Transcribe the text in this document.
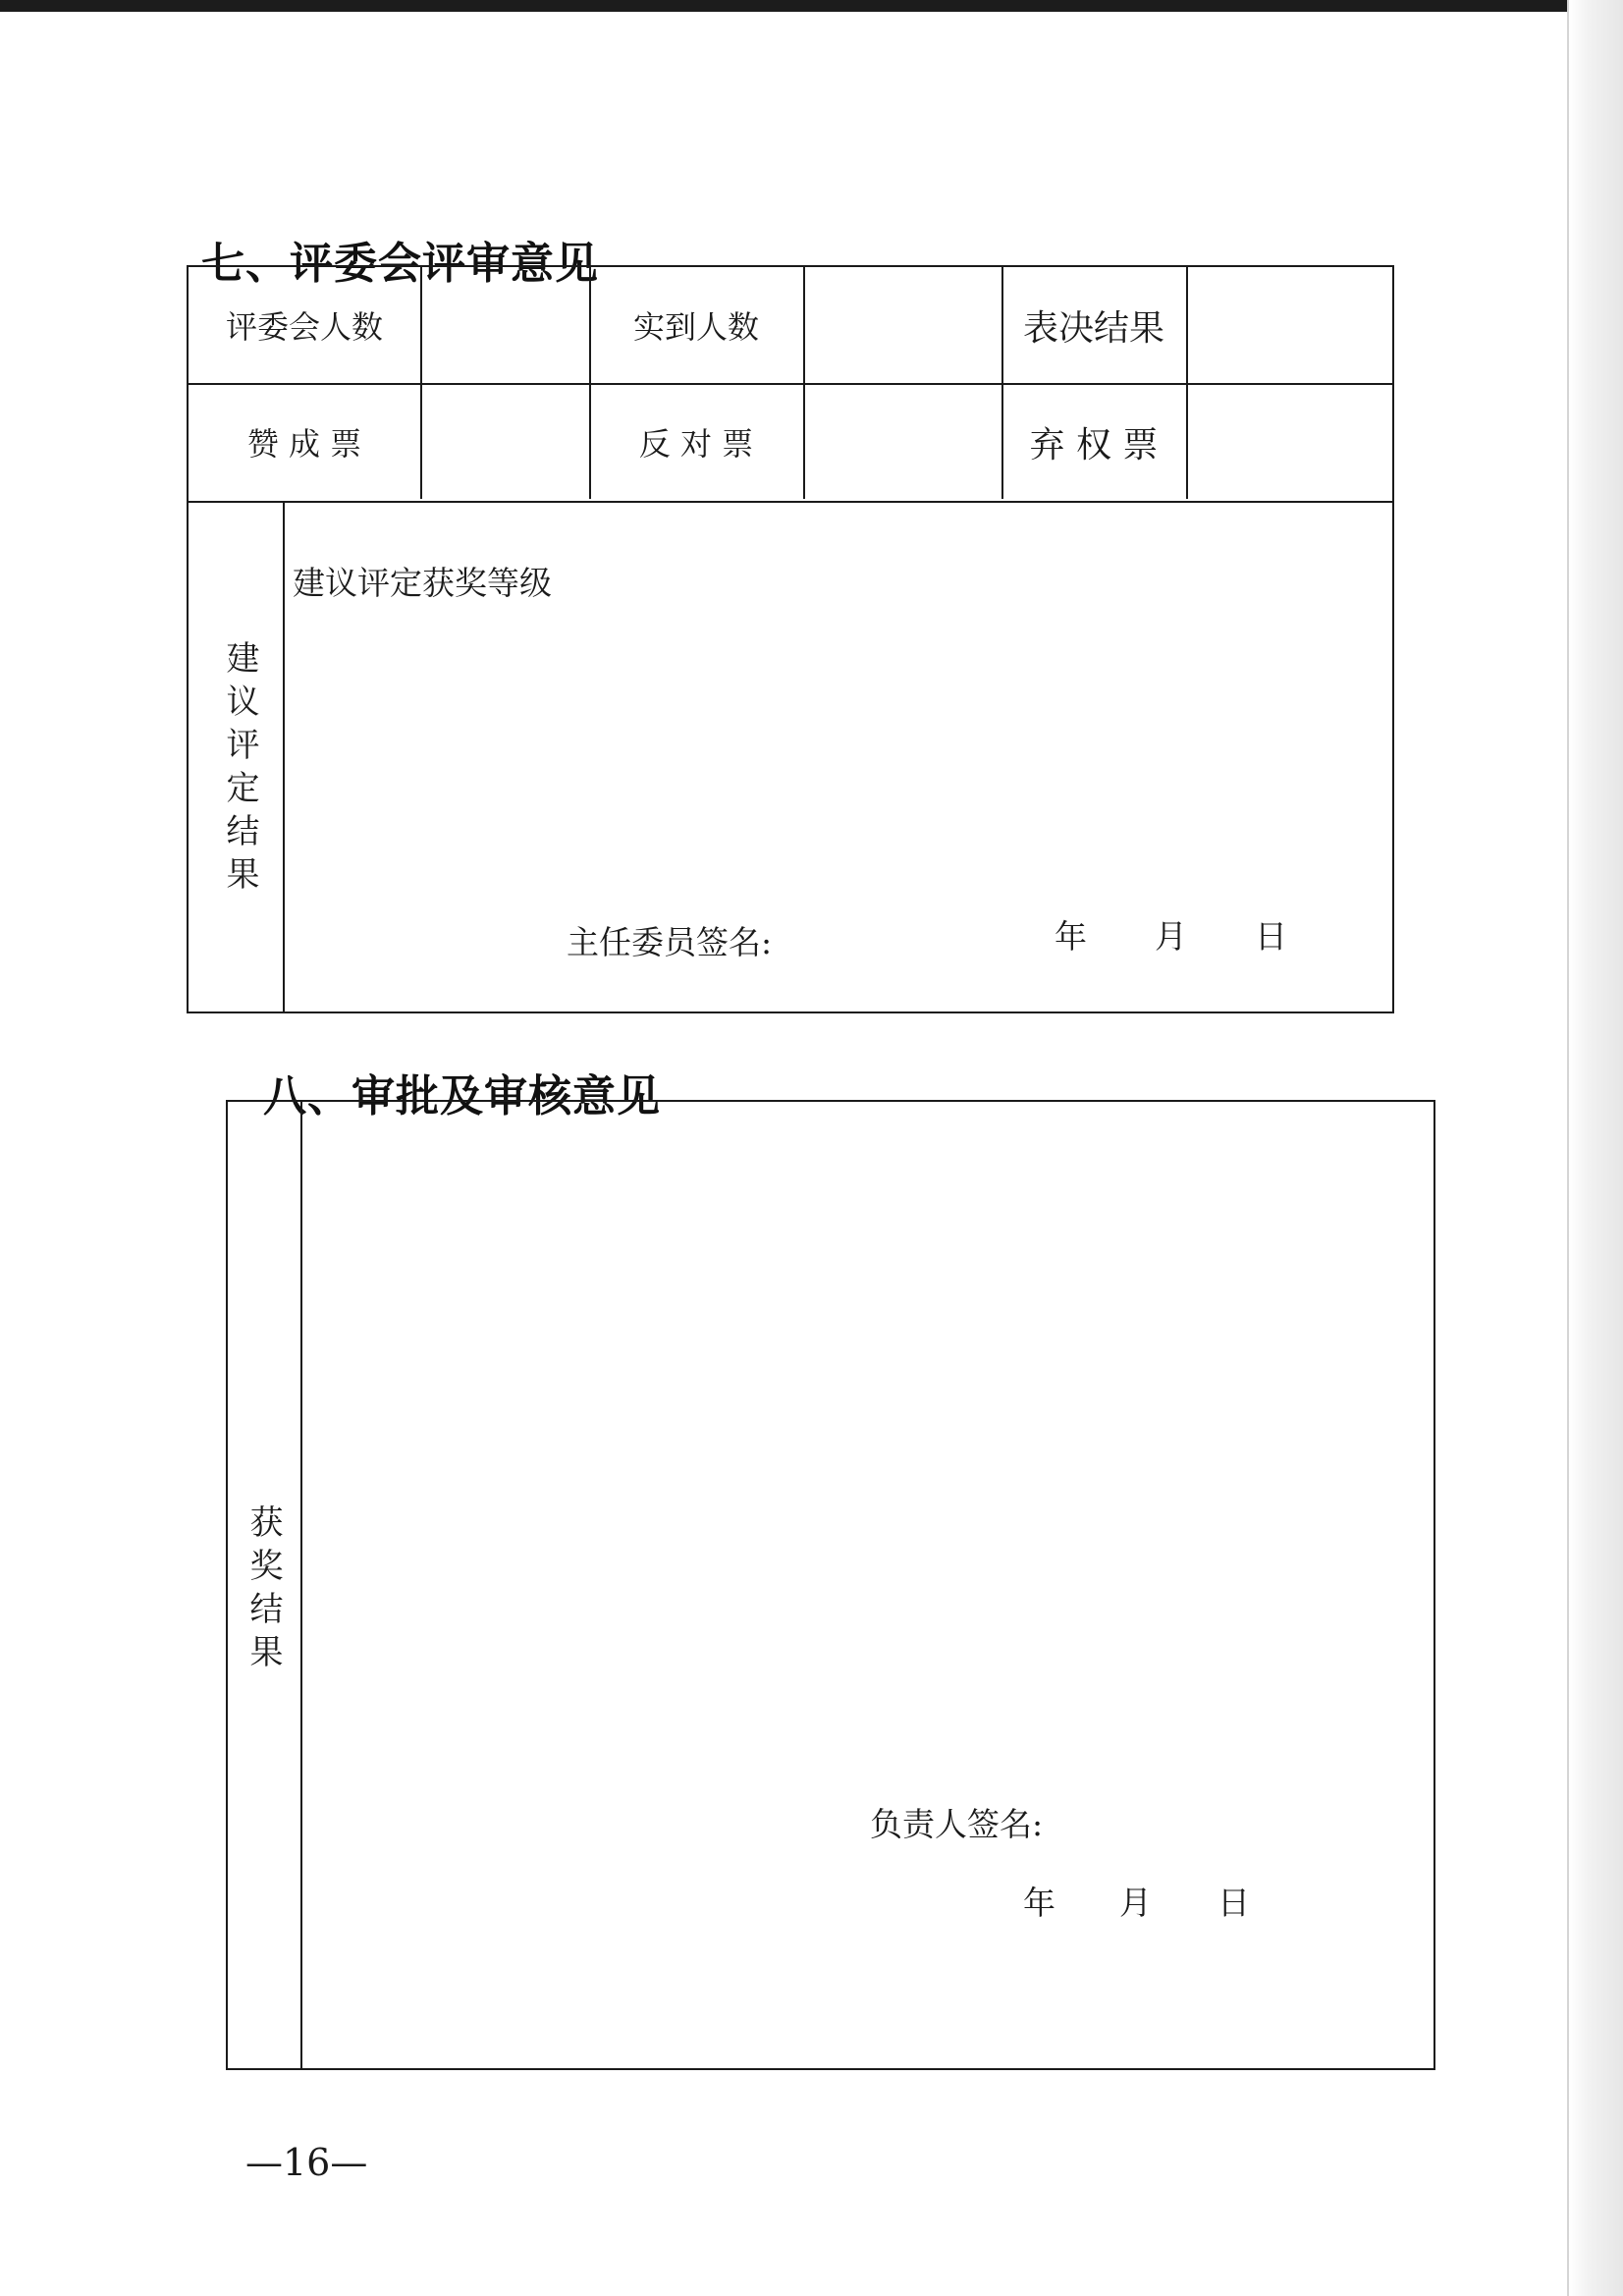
七、评委会评审意见
评委会人数	实到人数	表决结果
赞 成 票	反 对 票	弃 权 票
建议评定结果
建议评定获奖等级
主任委员签名:	年 月 日
八、审批及审核意见
获奖结果
负责人签名:
年 月 日
—16—
